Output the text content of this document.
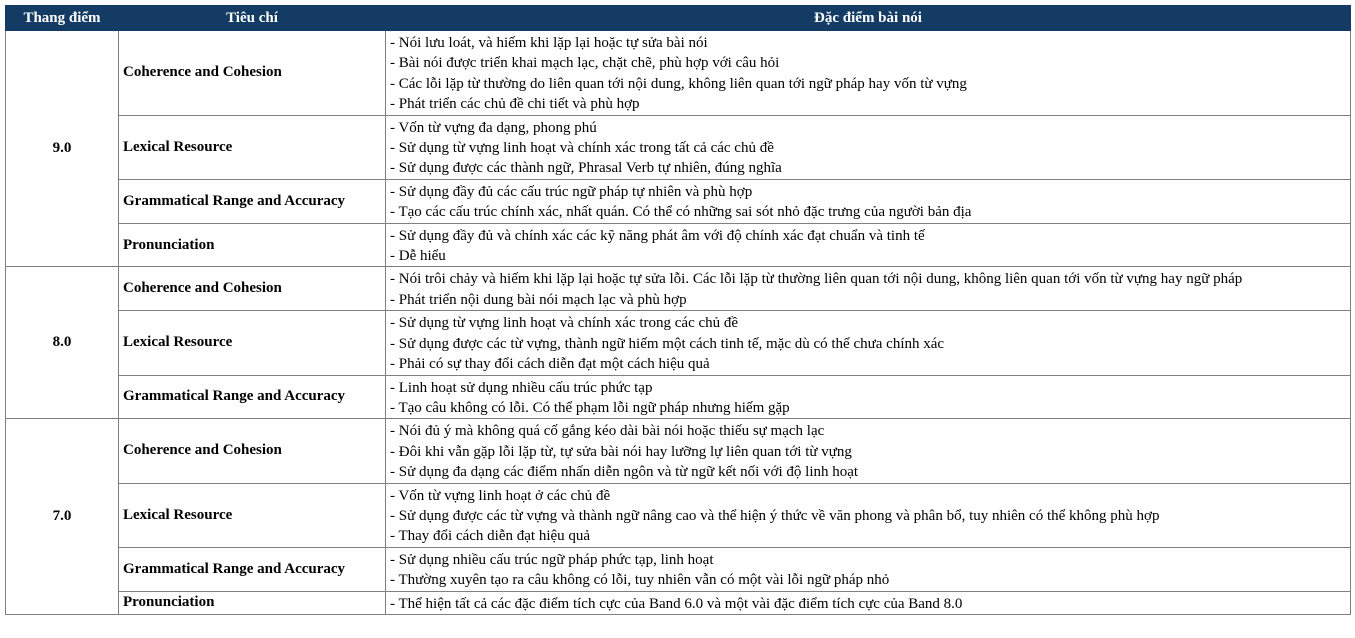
Thang điểm	Tiêu chí	Đặc điểm bài nói
9.0	Coherence and Cohesion	- Nói lưu loát, và hiếm khi lặp lại hoặc tự sửa bài nói
- Bài nói được triển khai mạch lạc, chặt chẽ, phù hợp với câu hỏi
- Các lỗi lặp từ thường do liên quan tới nội dung, không liên quan tới ngữ pháp hay vốn từ vựng
- Phát triển các chủ đề chi tiết và phù hợp

	Lexical Resource	- Vốn từ vựng đa dạng, phong phú
- Sử dụng từ vựng linh hoạt và chính xác trong tất cả các chủ đề
- Sử dụng được các thành ngữ, Phrasal Verb tự nhiên, đúng nghĩa

	Grammatical Range and Accuracy	- Sử dụng đầy đủ các cấu trúc ngữ pháp tự nhiên và phù hợp
- Tạo các cấu trúc chính xác, nhất quán. Có thể có những sai sót nhỏ đặc trưng của người bản địa

	Pronunciation	- Sử dụng đầy đủ và chính xác các kỹ năng phát âm với độ chính xác đạt chuẩn và tinh tế
- Dễ hiểu

8.0	Coherence and Cohesion	- Nói trôi chảy và hiếm khi lặp lại hoặc tự sửa lỗi. Các lỗi lặp từ thường liên quan tới nội dung, không liên quan tới vốn từ vựng hay ngữ pháp
- Phát triển nội dung bài nói mạch lạc và phù hợp

	Lexical Resource	- Sử dụng từ vựng linh hoạt và chính xác trong các chủ đề
- Sử dụng được các từ vựng, thành ngữ hiếm một cách tinh tế, mặc dù có thể chưa chính xác
- Phải có sự thay đổi cách diễn đạt một cách hiệu quả

	Grammatical Range and Accuracy	- Linh hoạt sử dụng nhiều cấu trúc phức tạp
- Tạo câu không có lỗi. Có thể phạm lỗi ngữ pháp nhưng hiếm gặp

7.0	Coherence and Cohesion	- Nói đủ ý mà không quá cố gắng kéo dài bài nói hoặc thiếu sự mạch lạc
- Đôi khi vẫn gặp lỗi lặp từ, tự sửa bài nói hay lưỡng lự liên quan tới từ vựng
- Sử dụng đa dạng các điểm nhấn diễn ngôn và từ ngữ kết nối với độ linh hoạt

	Lexical Resource	- Vốn từ vựng linh hoạt ở các chủ đề
- Sử dụng được các từ vựng và thành ngữ nâng cao và thể hiện ý thức về văn phong và phân bổ, tuy nhiên có thể không phù hợp
- Thay đổi cách diễn đạt hiệu quả

	Grammatical Range and Accuracy	- Sử dụng nhiều cấu trúc ngữ pháp phức tạp, linh hoạt
- Thường xuyên tạo ra câu không có lỗi, tuy nhiên vẫn có một vài lỗi ngữ pháp nhỏ

	Pronunciation	- Thể hiện tất cả các đặc điểm tích cực của Band 6.0 và một vài đặc điểm tích cực của Band 8.0
